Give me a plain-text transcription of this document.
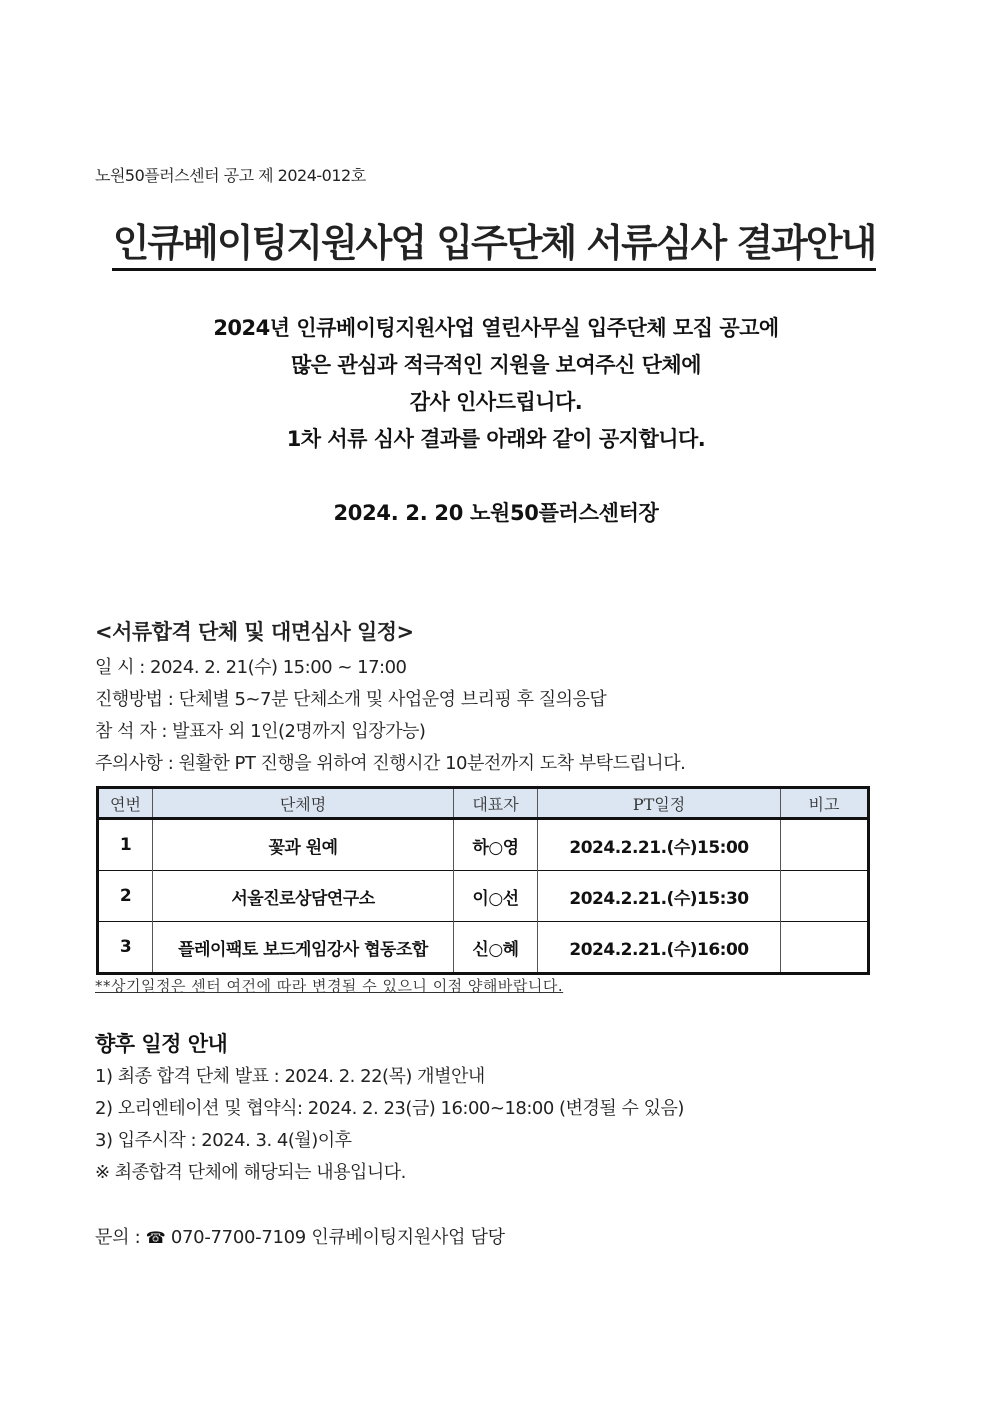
노원50플러스센터 공고 제 2024-012호
인큐베이팅지원사업 입주단체 서류심사 결과안내
2024년 인큐베이팅지원사업 열린사무실 입주단체 모집 공고에
많은 관심과 적극적인 지원을 보여주신 단체에
감사 인사드립니다.
1차 서류 심사 결과를 아래와 같이 공지합니다.
2024. 2. 20 노원50플러스센터장
<서류합격 단체 및 대면심사 일정>
일 시 : 2024. 2. 21(수) 15:00 ~ 17:00
진행방법 : 단체별 5~7분 단체소개 및 사업운영 브리핑 후 질의응답
참 석 자 : 발표자 외 1인(2명까지 입장가능)
주의사항 : 원활한 PT 진행을 위하여 진행시간 10분전까지 도착 부탁드립니다.
연번	단체명	대표자	PT일정	비고
1	꽃과 원예	하○영	2024.2.21.(수)15:00	
2	서울진로상담연구소	이○선	2024.2.21.(수)15:30	
3	플레이팩토 보드게임강사 협동조합	신○혜	2024.2.21.(수)16:00	
**상기일정은 센터 여건에 따라 변경될 수 있으니 이점 양해바랍니다.
향후 일정 안내
1) 최종 합격 단체 발표 : 2024. 2. 22(목) 개별안내
2) 오리엔테이션 및 협약식: 2024. 2. 23(금) 16:00~18:00 (변경될 수 있음)
3) 입주시작 : 2024. 3. 4(월)이후
※ 최종합격 단체에 해당되는 내용입니다.
문의 : ☎ 070-7700-7109 인큐베이팅지원사업 담당
